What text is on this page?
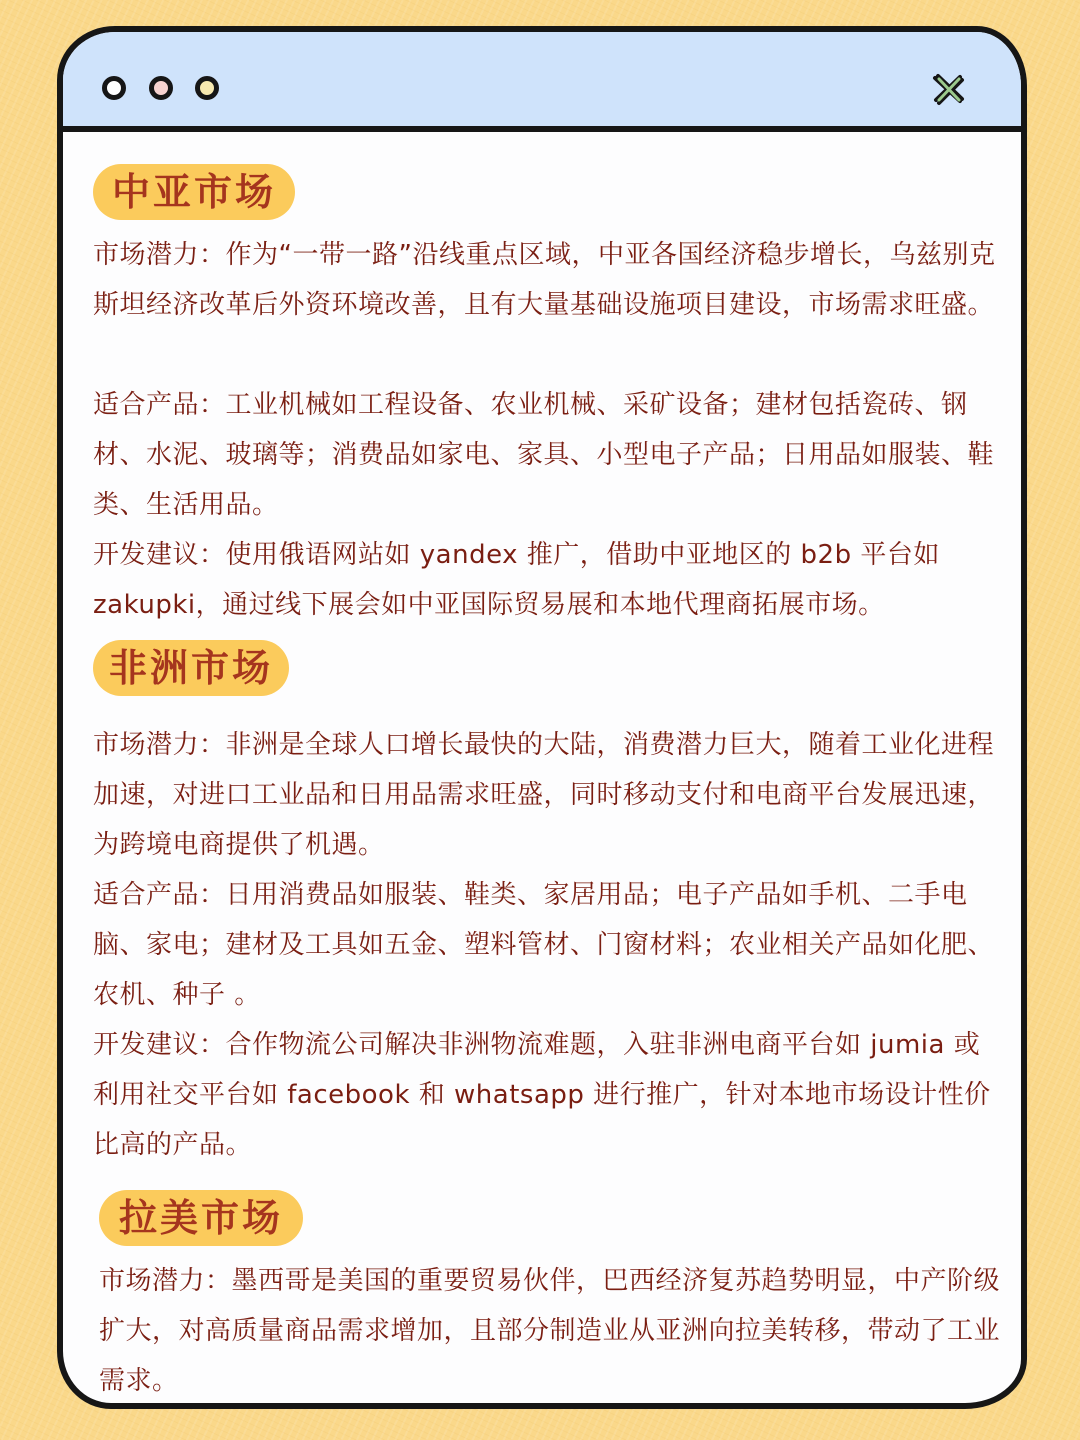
中亚市场

市场潜力：作为“一带一路”沿线重点区域，中亚各国经济稳步增长，乌兹别克斯坦经济改革后外资环境改善，且有大量基础设施项目建设，市场需求旺盛。

适合产品：工业机械如工程设备、农业机械、采矿设备；建材包括瓷砖、钢材、水泥、玻璃等；消费品如家电、家具、小型电子产品；日用品如服装、鞋类、生活用品。

开发建议：使用俄语网站如 yandex 推广，借助中亚地区的 b2b 平台如 zakupki，通过线下展会如中亚国际贸易展和本地代理商拓展市场。

非洲市场

市场潜力：非洲是全球人口增长最快的大陆，消费潜力巨大，随着工业化进程加速，对进口工业品和日用品需求旺盛，同时移动支付和电商平台发展迅速，为跨境电商提供了机遇。

适合产品：日用消费品如服装、鞋类、家居用品；电子产品如手机、二手电脑、家电；建材及工具如五金、塑料管材、门窗材料；农业相关产品如化肥、农机、种子 。

开发建议：合作物流公司解决非洲物流难题，入驻非洲电商平台如 jumia 或利用社交平台如 facebook 和 whatsapp 进行推广，针对本地市场设计性价比高的产品。

拉美市场

市场潜力：墨西哥是美国的重要贸易伙伴，巴西经济复苏趋势明显，中产阶级扩大，对高质量商品需求增加，且部分制造业从亚洲向拉美转移，带动了工业需求。
